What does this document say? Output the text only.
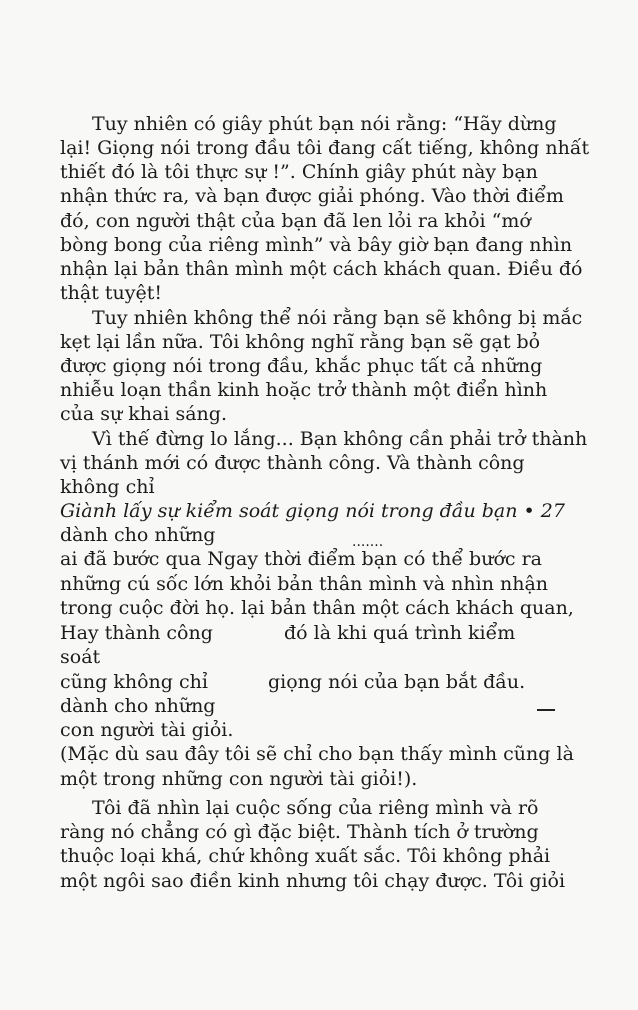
Tuy nhiên có giây phút bạn nói rằng: “Hãy dừng

lại! Giọng nói trong đầu tôi đang cất tiếng, không nhất

thiết đó là tôi thực sự !”. Chính giây phút này bạn

nhận thức ra, và bạn được giải phóng. Vào thời điểm

đó, con người thật của bạn đã len lỏi ra khỏi “mớ

bòng bong của riêng mình” và bây giờ bạn đang nhìn

nhận lại bản thân mình một cách khách quan. Điều đó

thật tuyệt!

Tuy nhiên không thể nói rằng bạn sẽ không bị mắc

kẹt lại lần nữa. Tôi không nghĩ rằng bạn sẽ gạt bỏ

được giọng nói trong đầu, khắc phục tất cả những

nhiễu loạn thần kinh hoặc trở thành một điển hình

của sự khai sáng.

Vì thế đừng lo lắng... Bạn không cần phải trở thành

vị thánh mới có được thành công. Và thành công

không chỉ

Giành lấy sự kiểm soát giọng nói trong đầu bạn • 27

dành cho những	.......

ai đã bước qua Ngay thời điểm bạn có thể bước ra

những cú sốc lớn khỏi bản thân mình và nhìn nhận

trong cuộc đời họ. lại bản thân một cách khách quan,

Hay thành công	đó là khi quá trình kiểm

soát

cũng không chỉ	giọng nói của bạn bắt đầu.

dành cho những

con người tài giỏi.

(Mặc dù sau đây tôi sẽ chỉ cho bạn thấy mình cũng là

một trong những con người tài giỏi!).

Tôi đã nhìn lại cuộc sống của riêng mình và rõ

ràng nó chẳng có gì đặc biệt. Thành tích ở trường

thuộc loại khá, chứ không xuất sắc. Tôi không phải

một ngôi sao điền kinh nhưng tôi chạy được. Tôi giỏi
